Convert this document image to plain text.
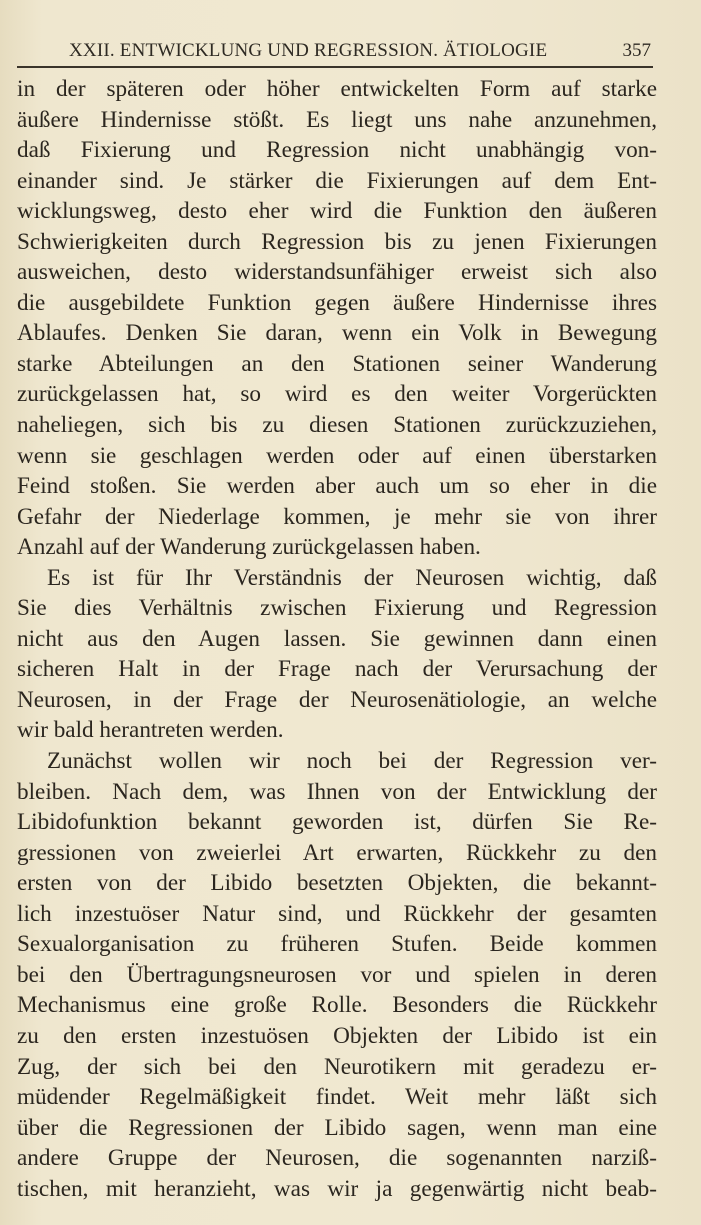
XXII. ENTWICKLUNG UND REGRESSION. ÄTIOLOGIE	357
in der späteren oder höher entwickelten Form auf starke
äußere Hindernisse stößt. Es liegt uns nahe anzunehmen,
daß Fixierung und Regression nicht unabhängig von-
einander sind. Je stärker die Fixierungen auf dem Ent-
wicklungsweg, desto eher wird die Funktion den äußeren
Schwierigkeiten durch Regression bis zu jenen Fixierungen
ausweichen, desto widerstandsunfähiger erweist sich also
die ausgebildete Funktion gegen äußere Hindernisse ihres
Ablaufes. Denken Sie daran, wenn ein Volk in Bewegung
starke Abteilungen an den Stationen seiner Wanderung
zurückgelassen hat, so wird es den weiter Vorgerückten
naheliegen, sich bis zu diesen Stationen zurückzuziehen,
wenn sie geschlagen werden oder auf einen überstarken
Feind stoßen. Sie werden aber auch um so eher in die
Gefahr der Niederlage kommen, je mehr sie von ihrer
Anzahl auf der Wanderung zurückgelassen haben.
Es ist für Ihr Verständnis der Neurosen wichtig, daß
Sie dies Verhältnis zwischen Fixierung und Regression
nicht aus den Augen lassen. Sie gewinnen dann einen
sicheren Halt in der Frage nach der Verursachung der
Neurosen, in der Frage der Neurosenätiologie, an welche
wir bald herantreten werden.
Zunächst wollen wir noch bei der Regression ver-
bleiben. Nach dem, was Ihnen von der Entwicklung der
Libidofunktion bekannt geworden ist, dürfen Sie Re-
gressionen von zweierlei Art erwarten, Rückkehr zu den
ersten von der Libido besetzten Objekten, die bekannt-
lich inzestuöser Natur sind, und Rückkehr der gesamten
Sexualorganisation zu früheren Stufen. Beide kommen
bei den Übertragungsneurosen vor und spielen in deren
Mechanismus eine große Rolle. Besonders die Rückkehr
zu den ersten inzestuösen Objekten der Libido ist ein
Zug, der sich bei den Neurotikern mit geradezu er-
müdender Regelmäßigkeit findet. Weit mehr läßt sich
über die Regressionen der Libido sagen, wenn man eine
andere Gruppe der Neurosen, die sogenannten narziß-
tischen, mit heranzieht, was wir ja gegenwärtig nicht beab-
